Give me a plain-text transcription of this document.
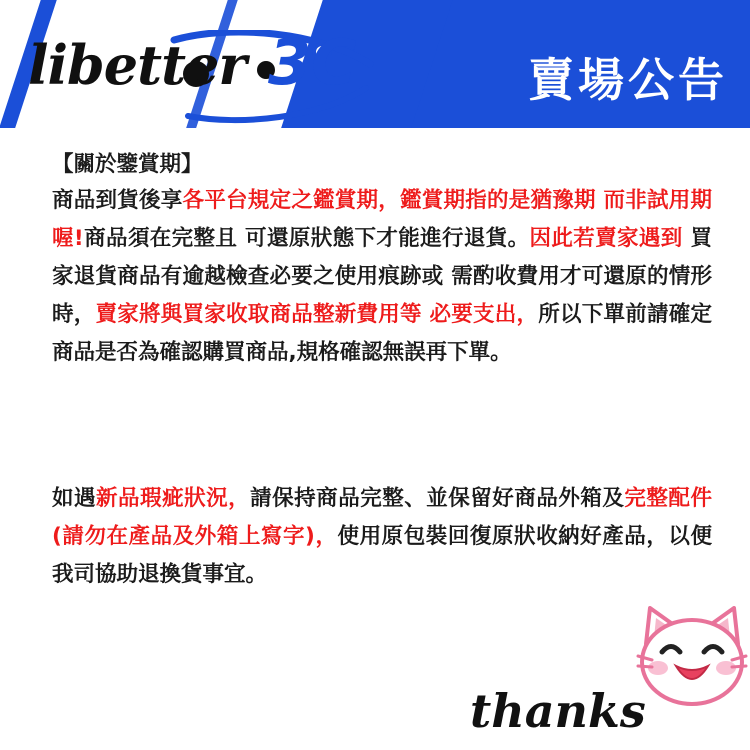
libetter 3C	賣場公告
【關於鑒賞期】
商品到貨後享各平台規定之鑑賞期，鑑賞期指的是猶豫期 而非試用期喔!商品須在完整且 可還原狀態下才能進行退貨。因此若賣家遇到 買家退貨商品有逾越檢查必要之使用痕跡或 需酌收費用才可還原的情形時，賣家將與買家收取商品整新費用等 必要支出，所以下單前請確定商品是否為確認購買商品,規格確認無誤再下單。
如遇新品瑕疵狀況，請保持商品完整、並保留好商品外箱及完整配件(請勿在產品及外箱上寫字)，使用原包裝回復原狀收納好產品，以便我司協助退換貨事宜。
thanks
